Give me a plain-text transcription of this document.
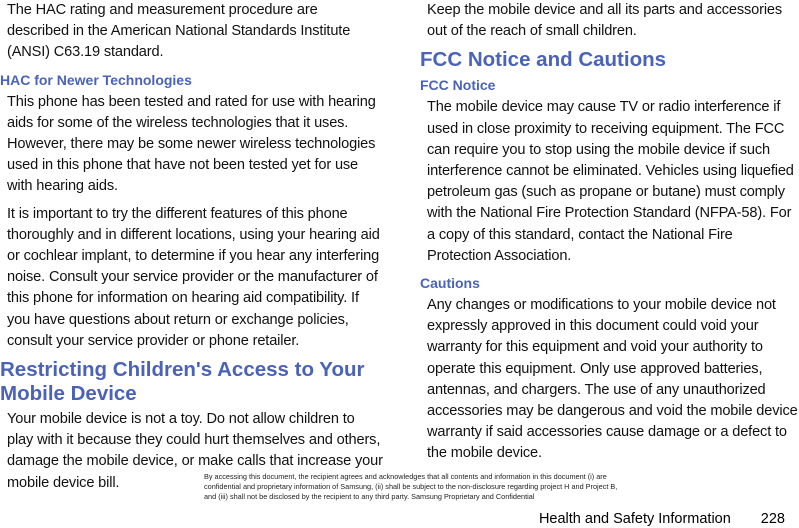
The HAC rating and measurement procedure are described in the American National Standards Institute (ANSI) C63.19 standard.

HAC for Newer Technologies

This phone has been tested and rated for use with hearing aids for some of the wireless technologies that it uses. However, there may be some newer wireless technologies used in this phone that have not been tested yet for use with hearing aids.

It is important to try the different features of this phone thoroughly and in different locations, using your hearing aid or cochlear implant, to determine if you hear any interfering noise. Consult your service provider or the manufacturer of this phone for information on hearing aid compatibility. If you have questions about return or exchange policies, consult your service provider or phone retailer.

Restricting Children's Access to Your Mobile Device

Your mobile device is not a toy. Do not allow children to play with it because they could hurt themselves and others, damage the mobile device, or make calls that increase your mobile device bill.

Keep the mobile device and all its parts and accessories out of the reach of small children.

FCC Notice and Cautions
FCC Notice

The mobile device may cause TV or radio interference if used in close proximity to receiving equipment. The FCC can require you to stop using the mobile device if such interference cannot be eliminated. Vehicles using liquefied petroleum gas (such as propane or butane) must comply with the National Fire Protection Standard (NFPA-58). For a copy of this standard, contact the National Fire Protection Association.

Cautions

Any changes or modifications to your mobile device not expressly approved in this document could void your warranty for this equipment and void your authority to operate this equipment. Only use approved batteries, antennas, and chargers. The use of any unauthorized accessories may be dangerous and void the mobile device warranty if said accessories cause damage or a defect to the mobile device.

By accessing this document, the recipient agrees and acknowledges that all contents and information in this document (i) are confidential and proprietary information of Samsung, (ii) shall be subject to the non-disclosure regarding project H and Project B, and (iii) shall not be disclosed by the recipient to any third party. Samsung Proprietary and Confidential
Health and Safety Information 228
